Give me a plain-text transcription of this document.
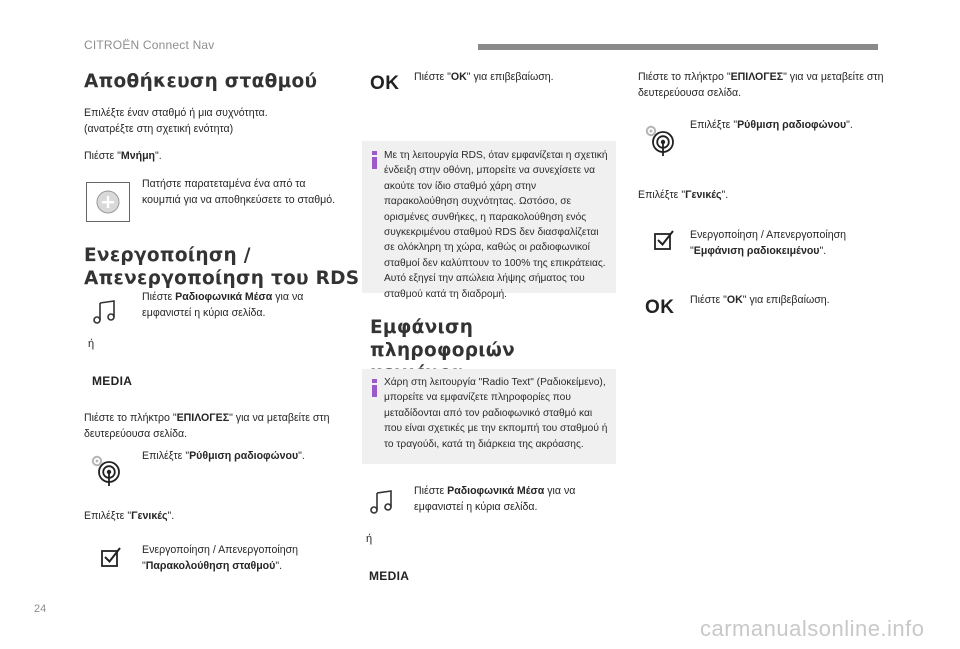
CITROËN Connect Nav
Αποθήκευση σταθμού

Επιλέξτε έναν σταθμό ή μια συχνότητα.
(ανατρέξτε στη σχετική ενότητα)

Πιέστε "Μνήμη".

Πατήστε παρατεταμένα ένα από τα κουμπιά για να αποθηκεύσετε το σταθμό.

Ενεργοποίηση /
Απενεργοποίηση του RDS

Πιέστε Ραδιοφωνικά Μέσα για να εμφανιστεί η κύρια σελίδα.

ή
MEDIA

Πιέστε το πλήκτρο "ΕΠΙΛΟΓΕΣ" για να μεταβείτε στη δευτερεύουσα σελίδα.

Επιλέξτε "Ρύθμιση ραδιοφώνου".

Επιλέξτε "Γενικές".

Ενεργοποίηση / Απενεργοποίηση
"Παρακολούθηση σταθμού".

OK Πιέστε "OK" για επιβεβαίωση.

Με τη λειτουργία RDS, όταν εμφανίζεται η σχετική ένδειξη στην οθόνη, μπορείτε να συνεχίσετε να ακούτε τον ίδιο σταθμό χάρη στην παρακολούθηση συχνότητας. Ωστόσο, σε ορισμένες συνθήκες, η παρακολούθηση ενός συγκεκριμένου σταθμού RDS δεν διασφαλίζεται σε ολόκληρη τη χώρα, καθώς οι ραδιοφωνικοί σταθμοί δεν καλύπτουν το 100% της επικράτειας. Αυτό εξηγεί την απώλεια λήψης σήματος του σταθμού κατά τη διαδρομή.

Εμφάνιση πληροφοριών

Χάρη στη λειτουργία "Radio Text" (Ραδιοκείμενο), μπορείτε να εμφανίζετε πληροφορίες που μεταδίδονται από τον ραδιοφωνικό σταθμό και που είναι σχετικές με την εκπομπή του σταθμού ή το τραγούδι, κατά τη διάρκεια της ακρόασης.

Πιέστε Ραδιοφωνικά Μέσα για να εμφανιστεί η κύρια σελίδα.

ή
MEDIA

Πιέστε το πλήκτρο "ΕΠΙΛΟΓΕΣ" για να μεταβείτε στη δευτερεύουσα σελίδα.

Επιλέξτε "Ρύθμιση ραδιοφώνου".

Επιλέξτε "Γενικές".

Ενεργοποίηση / Απενεργοποίηση
"Εμφάνιση ραδιοκειμένου".

OK Πιέστε "OK" για επιβεβαίωση.

24
carmanualsonline.info
